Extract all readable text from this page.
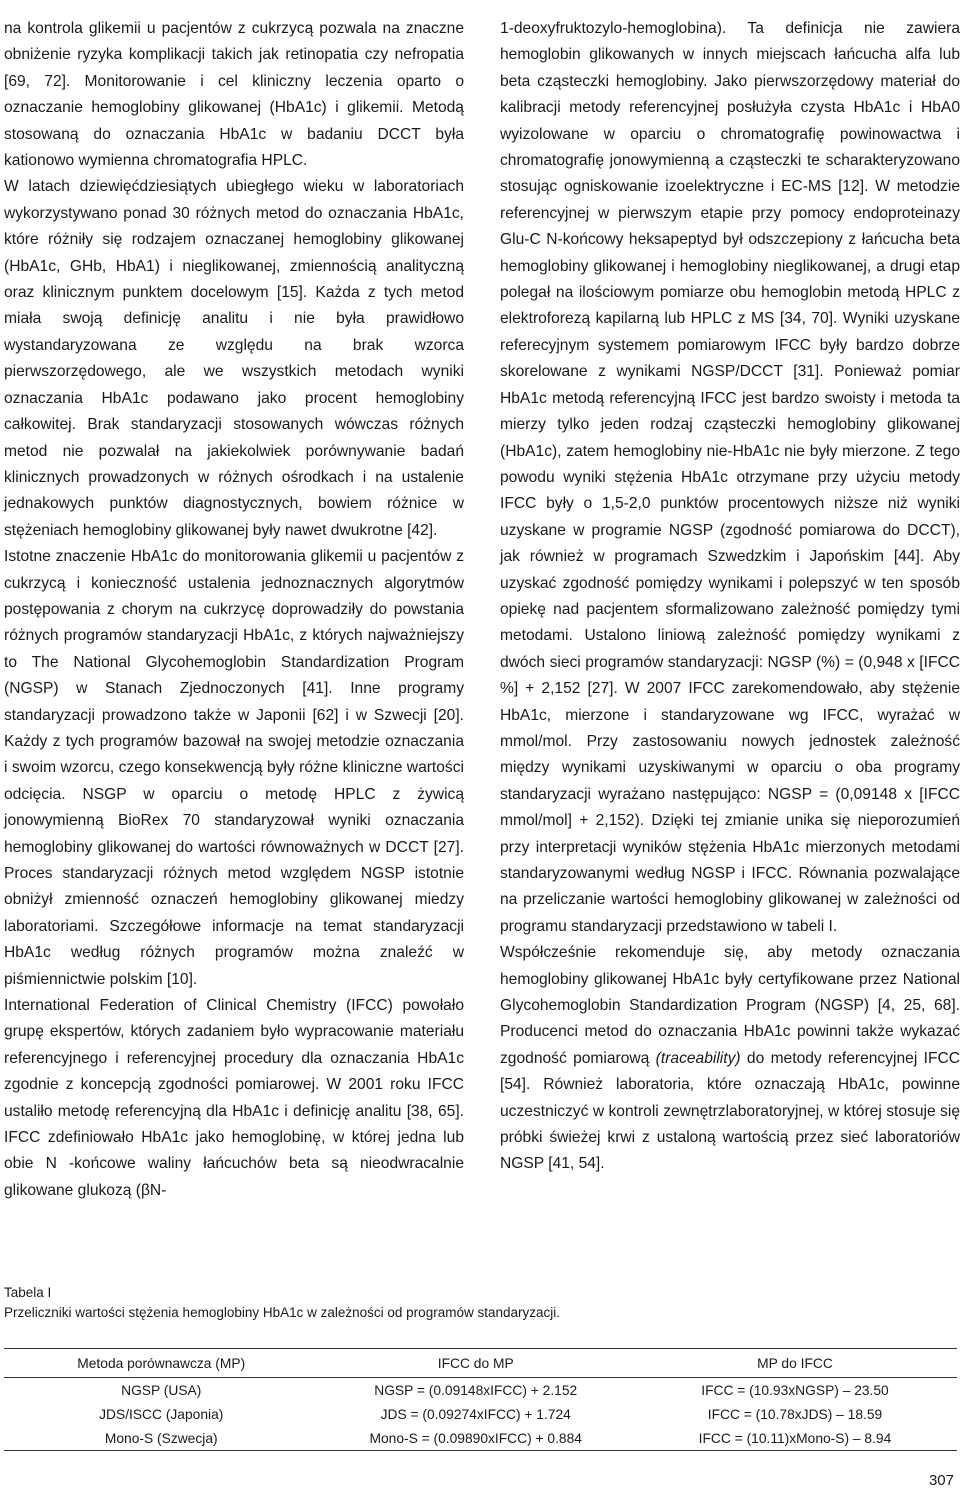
na kontrola glikemii u pacjentów z cukrzycą pozwala na znaczne obniżenie ryzyka komplikacji takich jak retinopatia czy nefropatia [69, 72]. Monitorowanie i cel kliniczny leczenia oparto o oznaczanie hemoglobiny glikowanej (HbA1c) i glikemii. Metodą stosowaną do oznaczania HbA1c w badaniu DCCT była kationowo wymienna chromatografia HPLC.

W latach dziewięćdziesiątych ubiegłego wieku w laboratoriach wykorzystywano ponad 30 różnych metod do oznaczania HbA1c, które różniły się rodzajem oznaczanej hemoglobiny glikowanej (HbA1c, GHb, HbA1) i nieglikowanej, zmiennością analityczną oraz klinicznym punktem docelowym [15]. Każda z tych metod miała swoją definicję analitu i nie była prawidłowo wystandaryzowana ze względu na brak wzorca pierwszorzędowego, ale we wszystkich metodach wyniki oznaczania HbA1c podawano jako procent hemoglobiny całkowitej. Brak standaryzacji stosowanych wówczas różnych metod nie pozwalał na jakiekolwiek porównywanie badań klinicznych prowadzonych w różnych ośrodkach i na ustalenie jednakowych punktów diagnostycznych, bowiem różnice w stężeniach hemoglobiny glikowanej były nawet dwukrotne [42].

Istotne znaczenie HbA1c do monitorowania glikemii u pacjentów z cukrzycą i konieczność ustalenia jednoznacznych algorytmów postępowania z chorym na cukrzycę doprowadziły do powstania różnych programów standaryzacji HbA1c, z których najważniejszy to The National Glycohemoglobin Standardization Program (NGSP) w Stanach Zjednoczonych [41]. Inne programy standaryzacji prowadzono także w Japonii [62] i w Szwecji [20]. Każdy z tych programów bazował na swojej metodzie oznaczania i swoim wzorcu, czego konsekwencją były różne kliniczne wartości odcięcia. NSGP w oparciu o metodę HPLC z żywicą jonowymienną BioRex 70 standaryzował wyniki oznaczania hemoglobiny glikowanej do wartości równoważnych w DCCT [27]. Proces standaryzacji różnych metod względem NGSP istotnie obniżył zmienność oznaczeń hemoglobiny glikowanej miedzy laboratoriami. Szczegółowe informacje na temat standaryzacji HbA1c według różnych programów można znaleźć w piśmiennictwie polskim [10].

International Federation of Clinical Chemistry (IFCC) powołało grupę ekspertów, których zadaniem było wypracowanie materiału referencyjnego i referencyjnej procedury dla oznaczania HbA1c zgodnie z koncepcją zgodności pomiarowej. W 2001 roku IFCC ustaliło metodę referencyjną dla HbA1c i definicję analitu [38, 65]. IFCC zdefiniowało HbA1c jako hemoglobinę, w której jedna lub obie N -końcowe waliny łańcuchów beta są nieodwracalnie glikowane glukozą (βN-

1-deoxyfruktozylo-hemoglobina). Ta definicja nie zawiera hemoglobin glikowanych w innych miejscach łańcucha alfa lub beta cząsteczki hemoglobiny. Jako pierwszorzędowy materiał do kalibracji metody referencyjnej posłużyła czysta HbA1c i HbA0 wyizolowane w oparciu o chromatografię powinowactwa i chromatografię jonowymienną a cząsteczki te scharakteryzowano stosując ogniskowanie izoelektryczne i EC-MS [12]. W metodzie referencyjnej w pierwszym etapie przy pomocy endoproteinazy Glu-C N-końcowy heksapeptyd był odszczepiony z łańcucha beta hemoglobiny glikowanej i hemoglobiny nieglikowanej, a drugi etap polegał na ilościowym pomiarze obu hemoglobin metodą HPLC z elektroforezą kapilarną lub HPLC z MS [34, 70]. Wyniki uzyskane referecyjnym systemem pomiarowym IFCC były bardzo dobrze skorelowane z wynikami NGSP/DCCT [31]. Ponieważ pomiar HbA1c metodą referencyjną IFCC jest bardzo swoisty i metoda ta mierzy tylko jeden rodzaj cząsteczki hemoglobiny glikowanej (HbA1c), zatem hemoglobiny nie-HbA1c nie były mierzone. Z tego powodu wyniki stężenia HbA1c otrzymane przy użyciu metody IFCC były o 1,5-2,0 punktów procentowych niższe niż wyniki uzyskane w programie NGSP (zgodność pomiarowa do DCCT), jak również w programach Szwedzkim i Japońskim [44]. Aby uzyskać zgodność pomiędzy wynikami i polepszyć w ten sposób opiekę nad pacjentem sformalizowano zależność pomiędzy tymi metodami. Ustalono liniową zależność pomiędzy wynikami z dwóch sieci programów standaryzacji: NGSP (%) = (0,948 x [IFCC %] + 2,152 [27]. W 2007 IFCC zarekomendowało, aby stężenie HbA1c, mierzone i standaryzowane wg IFCC, wyrażać w mmol/mol. Przy zastosowaniu nowych jednostek zależność między wynikami uzyskiwanymi w oparciu o oba programy standaryzacji wyrażano następująco: NGSP = (0,09148 x [IFCC mmol/mol] + 2,152). Dzięki tej zmianie unika się nieporozumień przy interpretacji wyników stężenia HbA1c mierzonych metodami standaryzowanymi według NGSP i IFCC. Równania pozwalające na przeliczanie wartości hemoglobiny glikowanej w zależności od programu standaryzacji przedstawiono w tabeli I.

Współcześnie rekomenduje się, aby metody oznaczania hemoglobiny glikowanej HbA1c były certyfikowane przez National Glycohemoglobin Standardization Program (NGSP) [4, 25, 68]. Producenci metod do oznaczania HbA1c powinni także wykazać zgodność pomiarową (traceability) do metody referencyjnej IFCC [54]. Również laboratoria, które oznaczają HbA1c, powinne uczestniczyć w kontroli zewnętrzlaboratoryjnej, w której stosuje się próbki świeżej krwi z ustaloną wartością przez sieć laboratoriów NGSP [41, 54].

Tabela I
Przeliczniki wartości stężenia hemoglobiny HbA1c w zależności od programów standaryzacji.
Metoda porównawcza (MP)	IFCC do MP	MP do IFCC
NGSP (USA)	NGSP = (0.09148xIFCC) + 2.152	IFCC = (10.93xNGSP) – 23.50
JDS/ISCC (Japonia)	JDS = (0.09274xIFCC) + 1.724	IFCC = (10.78xJDS) – 18.59
Mono-S (Szwecja)	Mono-S = (0.09890xIFCC) + 0.884	IFCC = (10.11)xMono-S) – 8.94
307
